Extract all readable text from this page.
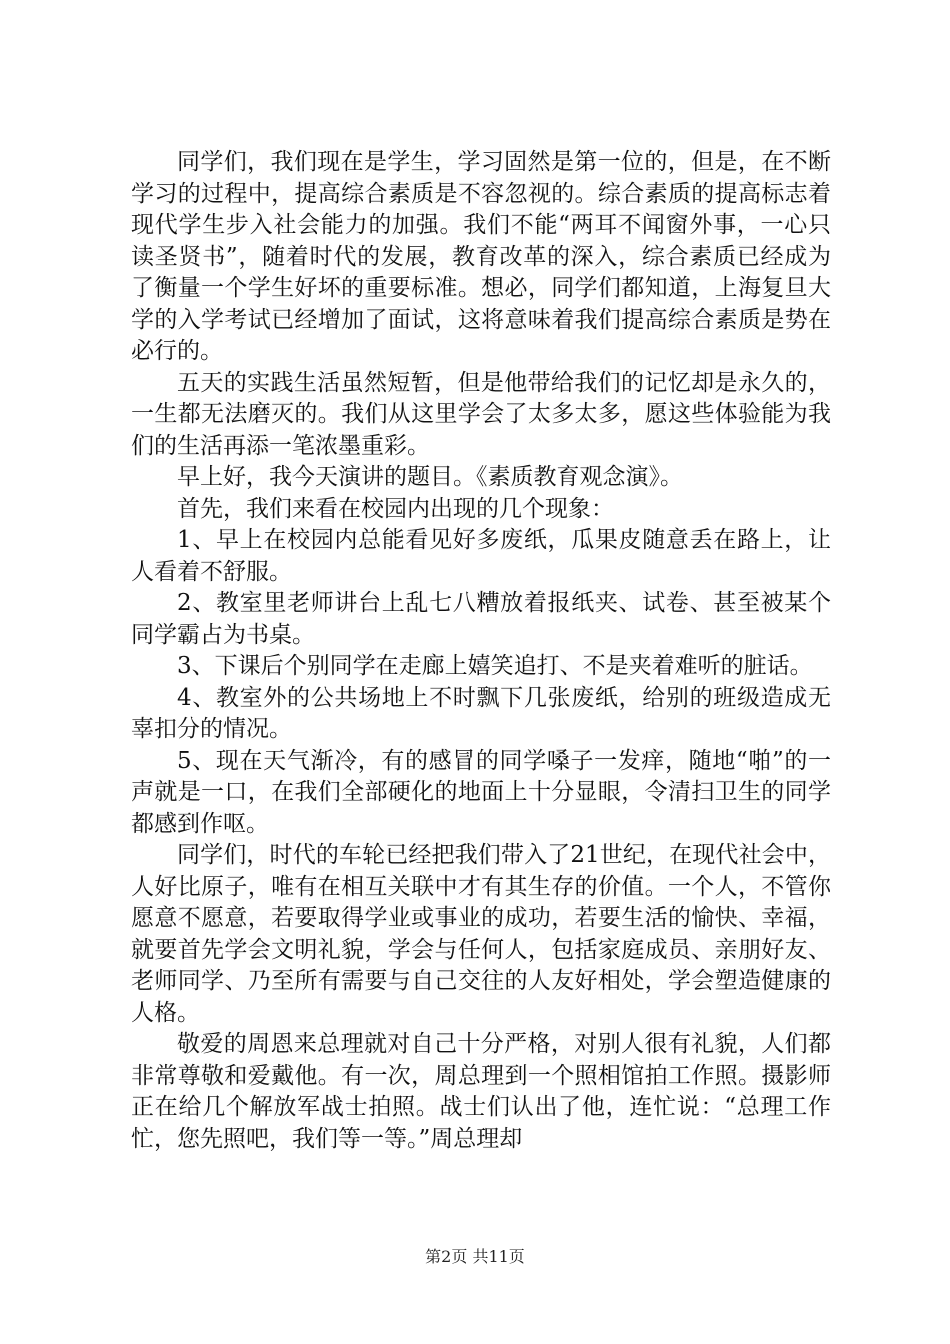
同学们，我们现在是学生，学习固然是第一位的，但是，在不断学习的过程中，提高综合素质是不容忽视的。综合素质的提高标志着现代学生步入社会能力的加强。我们不能“两耳不闻窗外事，一心只读圣贤书”，随着时代的发展，教育改革的深入，综合素质已经成为了衡量一个学生好坏的重要标准。想必，同学们都知道，上海复旦大学的入学考试已经增加了面试，这将意味着我们提高综合素质是势在必行的。

五天的实践生活虽然短暂，但是他带给我们的记忆却是永久的，一生都无法磨灭的。我们从这里学会了太多太多，愿这些体验能为我们的生活再添一笔浓墨重彩。

早上好，我今天演讲的题目。《素质教育观念演》。

首先，我们来看在校园内出现的几个现象：

1、早上在校园内总能看见好多废纸，瓜果皮随意丢在路上，让人看着不舒服。

2、教室里老师讲台上乱七八糟放着报纸夹、试卷、甚至被某个同学霸占为书桌。

3、下课后个别同学在走廊上嬉笑追打、不是夹着难听的脏话。

4、教室外的公共场地上不时飘下几张废纸，给别的班级造成无辜扣分的情况。

5、现在天气渐冷，有的感冒的同学嗓子一发痒，随地“啪”的一声就是一口，在我们全部硬化的地面上十分显眼，令清扫卫生的同学都感到作呕。

同学们，时代的车轮已经把我们带入了21世纪，在现代社会中，人好比原子，唯有在相互关联中才有其生存的价值。一个人，不管你愿意不愿意，若要取得学业或事业的成功，若要生活的愉快、幸福，就要首先学会文明礼貌，学会与任何人，包括家庭成员、亲朋好友、老师同学、乃至所有需要与自己交往的人友好相处，学会塑造健康的人格。

敬爱的周恩来总理就对自己十分严格，对别人很有礼貌，人们都非常尊敬和爱戴他。有一次，周总理到一个照相馆拍工作照。摄影师正在给几个解放军战士拍照。战士们认出了他，连忙说：“总理工作忙，您先照吧，我们等一等。”周总理却

第2页 共11页
